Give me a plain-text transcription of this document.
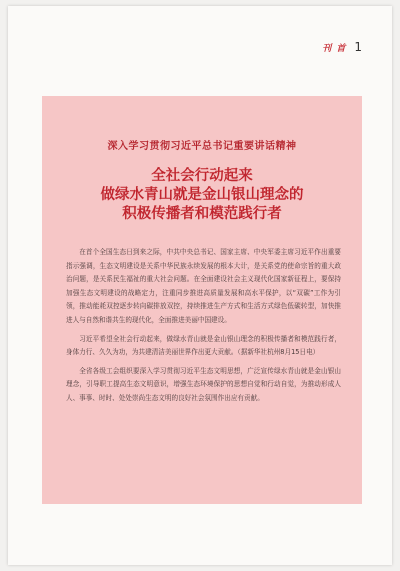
刊 首 1
深入学习贯彻习近平总书记重要讲话精神
全社会行动起来
做绿水青山就是金山银山理念的
积极传播者和模范践行者

在首个全国生态日到来之际，中共中央总书记、国家主席、中央军委主席习近平作出重要指示强调，生态文明建设是关系中华民族永续发展的根本大计，是关系党的使命宗旨的重大政治问题，是关系民生福祉的重大社会问题。在全面建设社会主义现代化国家新征程上，要保持加强生态文明建设的战略定力，注重同步推进高质量发展和高水平保护，以“双碳”工作为引领，推动能耗双控逐步转向碳排放双控，持续推进生产方式和生活方式绿色低碳转型，加快推进人与自然和谐共生的现代化，全面推进美丽中国建设。

习近平希望全社会行动起来，做绿水青山就是金山银山理念的积极传播者和模范践行者，身体力行、久久为功，为共建清洁美丽世界作出更大贡献。（据新华社杭州8月15日电）

全省各级工会组织要深入学习贯彻习近平生态文明思想，广泛宣传绿水青山就是金山银山理念，引导职工提高生态文明意识，增强生态环境保护的思想自觉和行动自觉，为推动形成人人、事事、时时、处处崇尚生态文明的良好社会氛围作出应有贡献。
